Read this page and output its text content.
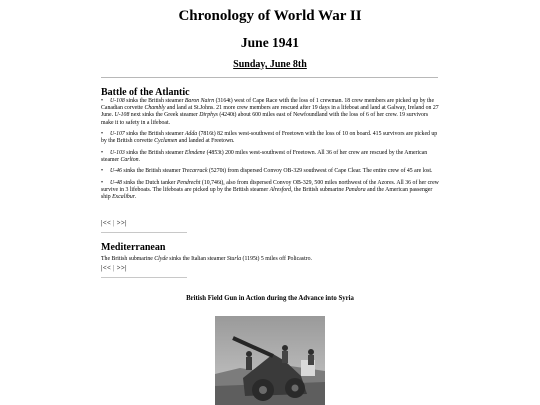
Chronology of World War II
June 1941
Sunday, June 8th
Battle of the Atlantic
• U-108 sinks the British steamer Baron Nairn (3164t) west of Cape Race with the loss of 1 crewman. 18 crew members are picked up by the Canadian corvette Chambly and land at St.Johns. 21 more crew members are rescued after 19 days in a lifeboat and land at Galway, Ireland on 27 June. U-108 next sinks the Greek steamer Dirphys (4240t) about 600 miles east of Newfoundland with the loss of 6 of her crew. 19 survivors make it to safety in a lifeboat.
• U-107 sinks the British steamer Adda (7816t) 82 miles west-southwest of Freetown with the loss of 10 on board. 415 survivors are picked up by the British corvette Cyclamen and landed at Freetown.
• U-103 sinks the British steamer Elmdene (4853t) 200 miles west-southwest of Freetown. All 36 of her crew are rescued by the American steamer Carlton.
• U-46 sinks the British steamer Trecarrack (5270t) from dispersed Convoy OB-329 southwest of Cape Clear. The entire crew of 45 are lost.
• U-48 sinks the Dutch tanker Pendrecht (10,746t), also from dispersed Convoy OB-329, 500 miles northwest of the Azores. All 36 of her crew survive in 3 lifeboats. The lifeboats are picked up by the British steamer Alresford, the British submarine Pandora and the American passenger ship Excalibur.
|<< | >>|
Mediterranean

The British submarine Clyde sinks the Italian steamer Sturla (1195t) 5 miles off Policastro.

|<< | >>|

British Field Gun in Action during the Advance into Syria
